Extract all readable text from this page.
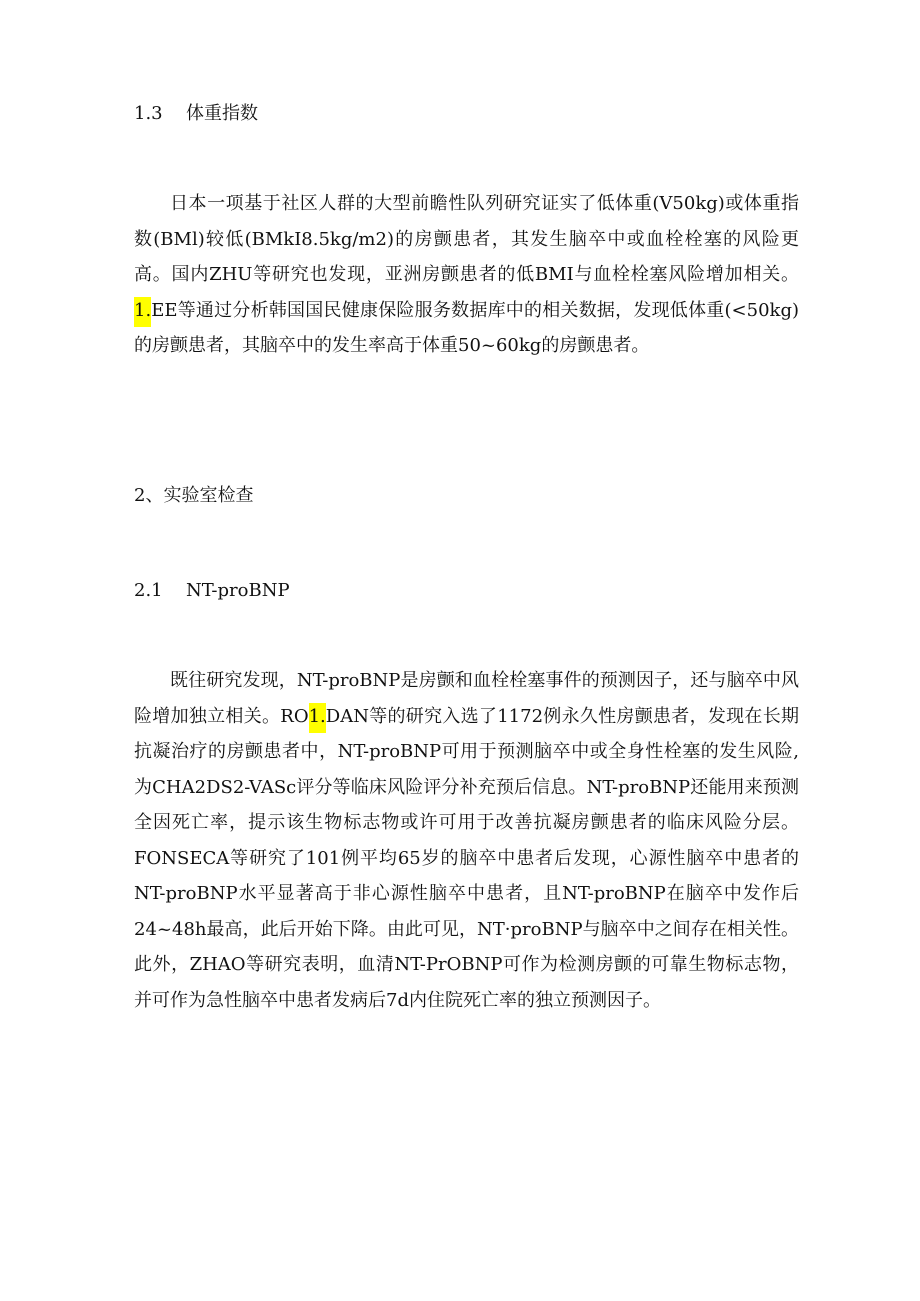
1.3 体重指数

日本一项基于社区人群的大型前瞻性队列研究证实了低体重(V50kg)或体重指数(BMl)较低(BMkI8.5kg/m2)的房颤患者，其发生脑卒中或血栓栓塞的风险更高。国内ZHU等研究也发现，亚洲房颤患者的低BMI与血栓栓塞风险增加相关。1.EE等通过分析韩国国民健康保险服务数据库中的相关数据，发现低体重(<50kg)的房颤患者，其脑卒中的发生率高于体重50~60kg的房颤患者。

2、实验室检查
2.1 NT-proBNP

既往研究发现，NT-proBNP是房颤和血栓栓塞事件的预测因子，还与脑卒中风险增加独立相关。RO1.DAN等的研究入选了1172例永久性房颤患者，发现在长期抗凝治疗的房颤患者中，NT-proBNP可用于预测脑卒中或全身性栓塞的发生风险,为CHA2DS2-VASc评分等临床风险评分补充预后信息。NT-proBNP还能用来预测全因死亡率，提示该生物标志物或许可用于改善抗凝房颤患者的临床风险分层。FONSECA等研究了101例平均65岁的脑卒中患者后发现，心源性脑卒中患者的NT-proBNP水平显著高于非心源性脑卒中患者，且NT-proBNP在脑卒中发作后24~48h最高，此后开始下降。由此可见，NT·proBNP与脑卒中之间存在相关性。此外，ZHAO等研究表明，血清NT-PrOBNP可作为检测房颤的可靠生物标志物，并可作为急性脑卒中患者发病后7d内住院死亡率的独立预测因子。
